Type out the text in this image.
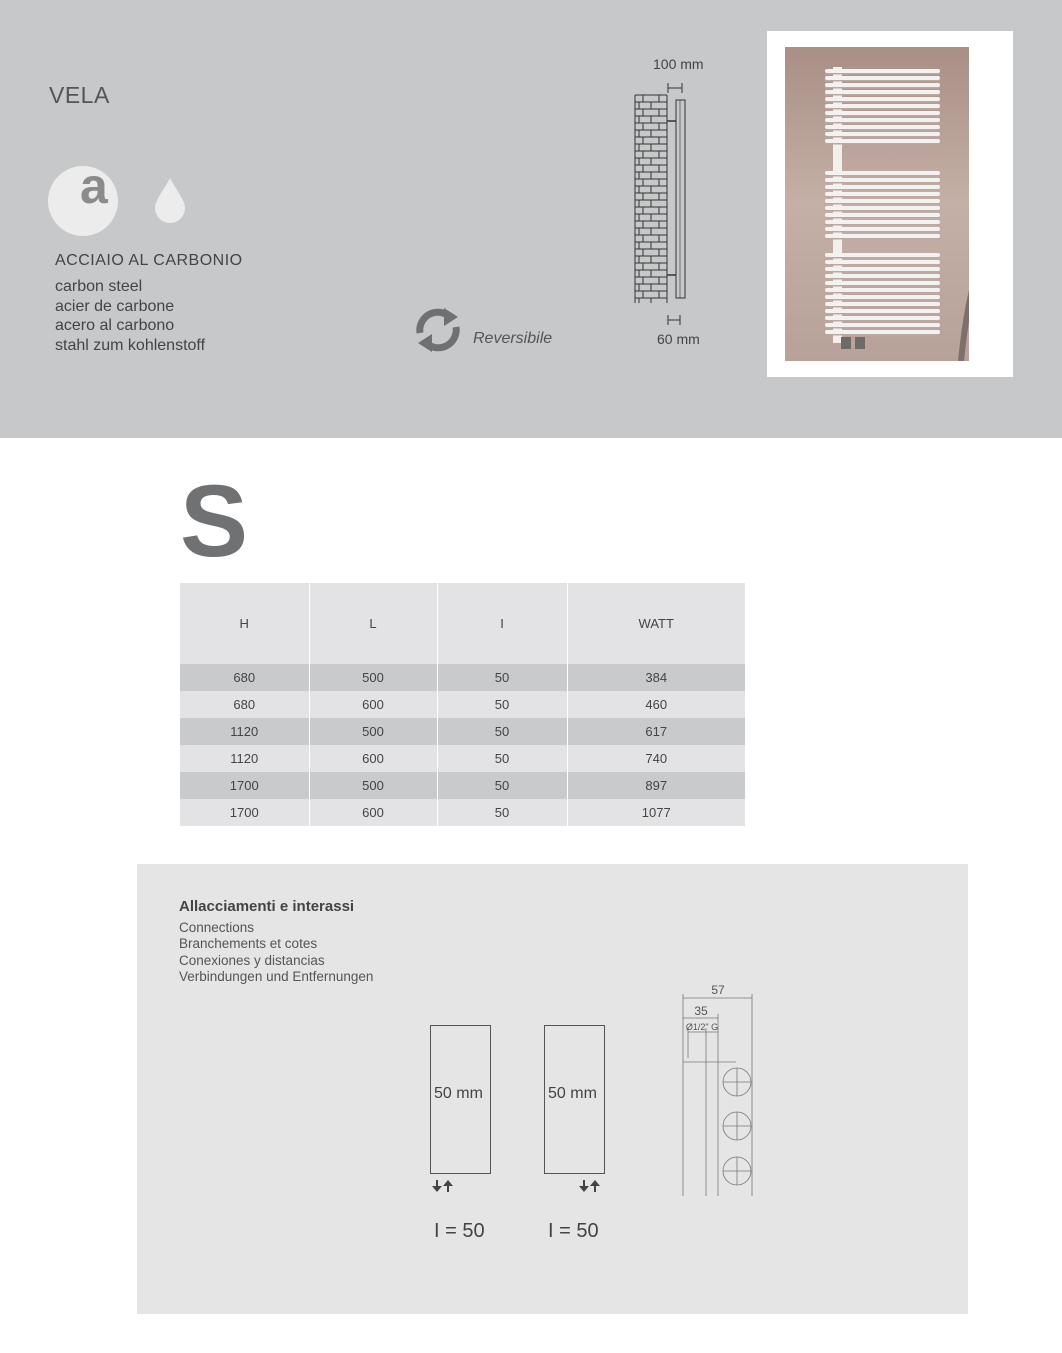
VELA
a
ACCIAIO AL CARBONIO
carbon steel
acier de carbone
acero al carbono
stahl zum kohlenstoff	Reversibile
100 mm
60 mm
S
H	L	I	WATT
680	500	50	384
680	600	50	460
1120	500	50	617
1120	600	50	740
1700	500	50	897
1700	600	50	1077
Allacciamenti e interassi
Connections
Branchements et cotes
Conexiones y distancias
Verbindungen und Entfernungen
50 mm
I = 50
50 mm
I = 50
57
35
Ø1/2" G
